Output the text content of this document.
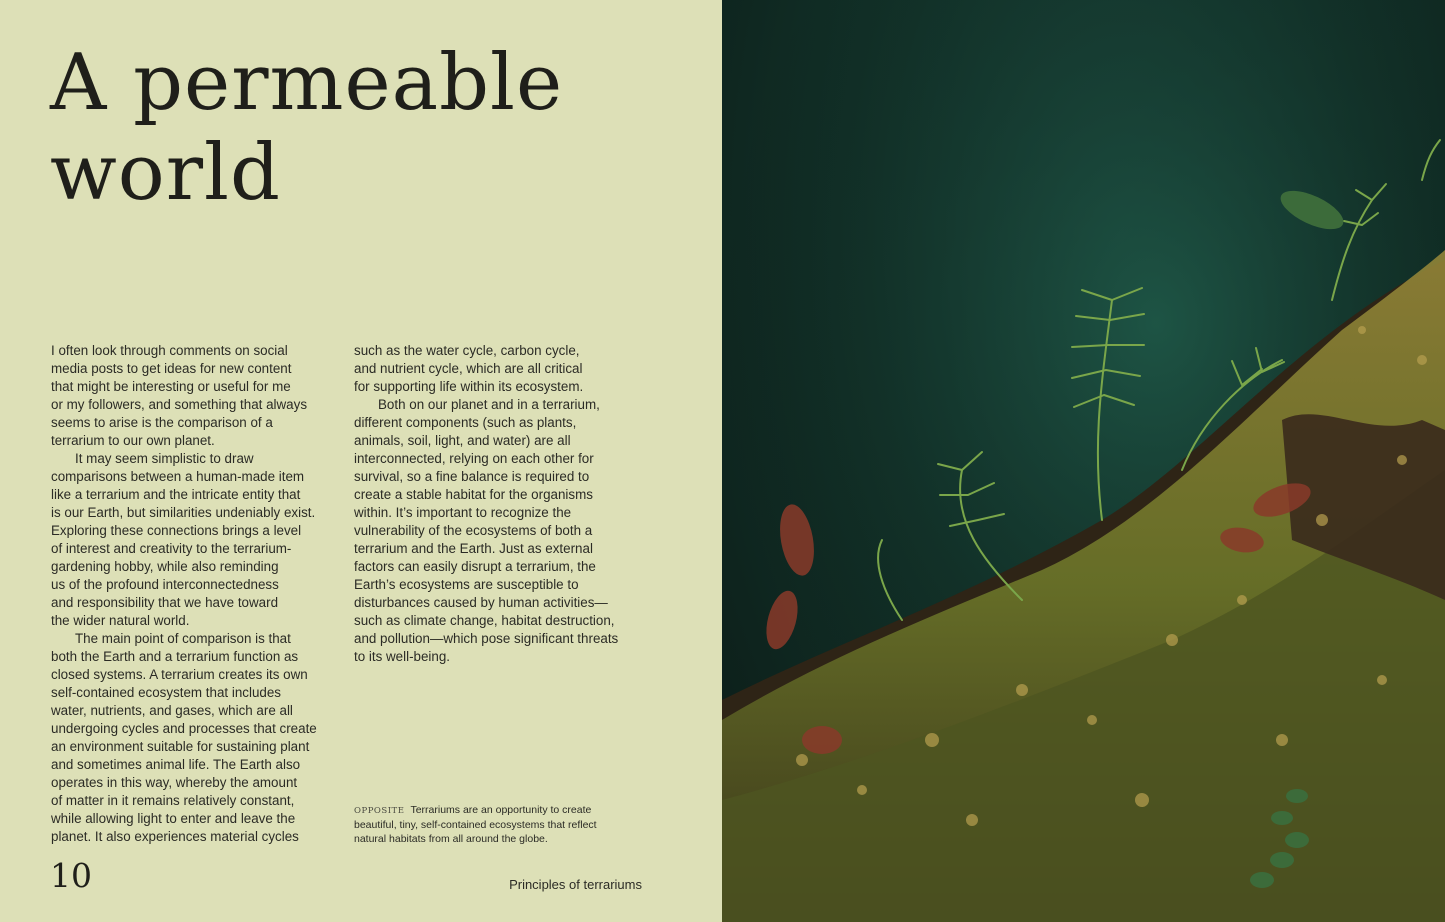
A permeable
world

I often look through comments on social
media posts to get ideas for new content
that might be interesting or useful for me
or my followers, and something that always
seems to arise is the comparison of a
terrarium to our own planet.

It may seem simplistic to draw
comparisons between a human-made item
like a terrarium and the intricate entity that
is our Earth, but similarities undeniably exist.
Exploring these connections brings a level
of interest and creativity to the terrarium-
gardening hobby, while also reminding
us of the profound interconnectedness
and responsibility that we have toward
the wider natural world.

The main point of comparison is that
both the Earth and a terrarium function as
closed systems. A terrarium creates its own
self-contained ecosystem that includes
water, nutrients, and gases, which are all
undergoing cycles and processes that create
an environment suitable for sustaining plant
and sometimes animal life. The Earth also
operates in this way, whereby the amount
of matter in it remains relatively constant,
while allowing light to enter and leave the
planet. It also experiences material cycles

such as the water cycle, carbon cycle,
and nutrient cycle, which are all critical
for supporting life within its ecosystem.

Both on our planet and in a terrarium,
different components (such as plants,
animals, soil, light, and water) are all
interconnected, relying on each other for
survival, so a fine balance is required to
create a stable habitat for the organisms
within. It’s important to recognize the
vulnerability of the ecosystems of both a
terrarium and the Earth. Just as external
factors can easily disrupt a terrarium, the
Earth’s ecosystems are susceptible to
disturbances caused by human activities—
such as climate change, habitat destruction,
and pollution—which pose significant threats
to its well-being.

OPPOSITE Terrariums are an opportunity to create
beautiful, tiny, self-contained ecosystems that reflect
natural habitats from all around the globe.
10	Principles of terrariums
